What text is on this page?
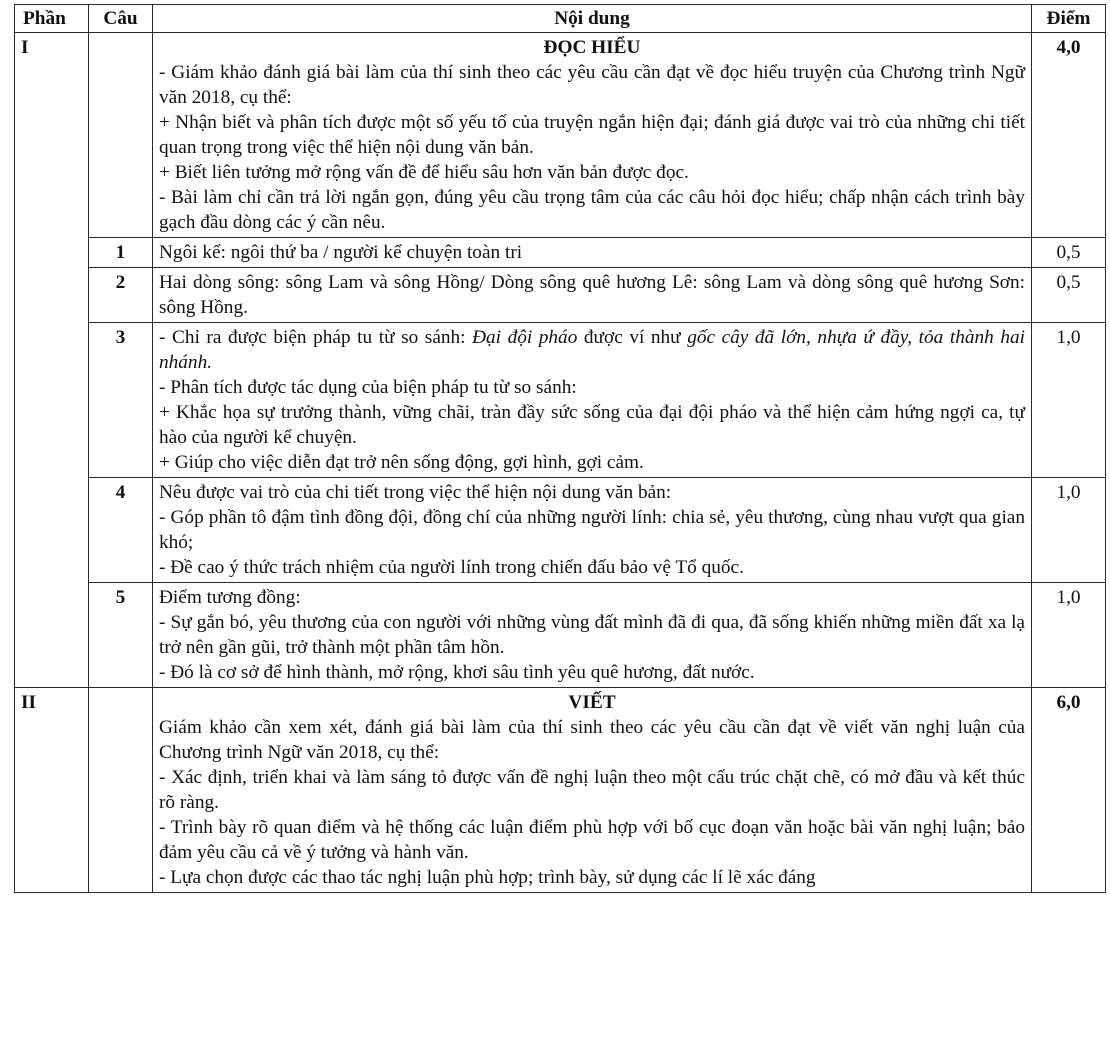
Phần	Câu	Nội dung	Điểm
I		ĐỌC HIỂU
- Giám khảo đánh giá bài làm của thí sinh theo các yêu cầu cần đạt về đọc hiểu truyện của Chương trình Ngữ văn 2018, cụ thể:
+ Nhận biết và phân tích được một số yếu tố của truyện ngắn hiện đại; đánh giá được vai trò của những chi tiết quan trọng trong việc thể hiện nội dung văn bản.
+ Biết liên tưởng mở rộng vấn đề để hiểu sâu hơn văn bản được đọc.
- Bài làm chỉ cần trả lời ngắn gọn, đúng yêu cầu trọng tâm của các câu hỏi đọc hiểu; chấp nhận cách trình bày gạch đầu dòng các ý cần nêu.	4,0
	1	Ngôi kể: ngôi thứ ba / người kể chuyện toàn tri	0,5
	2	Hai dòng sông: sông Lam và sông Hồng/ Dòng sông quê hương Lê: sông Lam và dòng sông quê hương Sơn: sông Hồng.	0,5
	3	- Chỉ ra được biện pháp tu từ so sánh: Đại đội pháo được ví như gốc cây đã lớn, nhựa ứ đầy, tỏa thành hai nhánh.
- Phân tích được tác dụng của biện pháp tu từ so sánh:
+ Khắc họa sự trưởng thành, vững chãi, tràn đầy sức sống của đại đội pháo và thể hiện cảm hứng ngợi ca, tự hào của người kể chuyện.
+ Giúp cho việc diễn đạt trở nên sống động, gợi hình, gợi cảm.	1,0
	4	Nêu được vai trò của chi tiết trong việc thể hiện nội dung văn bản:
- Góp phần tô đậm tình đồng đội, đồng chí của những người lính: chia sẻ, yêu thương, cùng nhau vượt qua gian khó;
- Đề cao ý thức trách nhiệm của người lính trong chiến đấu bảo vệ Tổ quốc.	1,0
	5	Điểm tương đồng:
- Sự gắn bó, yêu thương của con người với những vùng đất mình đã đi qua, đã sống khiến những miền đất xa lạ trở nên gần gũi, trở thành một phần tâm hồn.
- Đó là cơ sở để hình thành, mở rộng, khơi sâu tình yêu quê hương, đất nước.	1,0
II		VIẾT
Giám khảo cần xem xét, đánh giá bài làm của thí sinh theo các yêu cầu cần đạt về viết văn nghị luận của Chương trình Ngữ văn 2018, cụ thể:
- Xác định, triển khai và làm sáng tỏ được vấn đề nghị luận theo một cấu trúc chặt chẽ, có mở đầu và kết thúc rõ ràng.
- Trình bày rõ quan điểm và hệ thống các luận điểm phù hợp với bố cục đoạn văn hoặc bài văn nghị luận; bảo đảm yêu cầu cả về ý tưởng và hành văn.
- Lựa chọn được các thao tác nghị luận phù hợp; trình bày, sử dụng các lí lẽ xác đáng	6,0
